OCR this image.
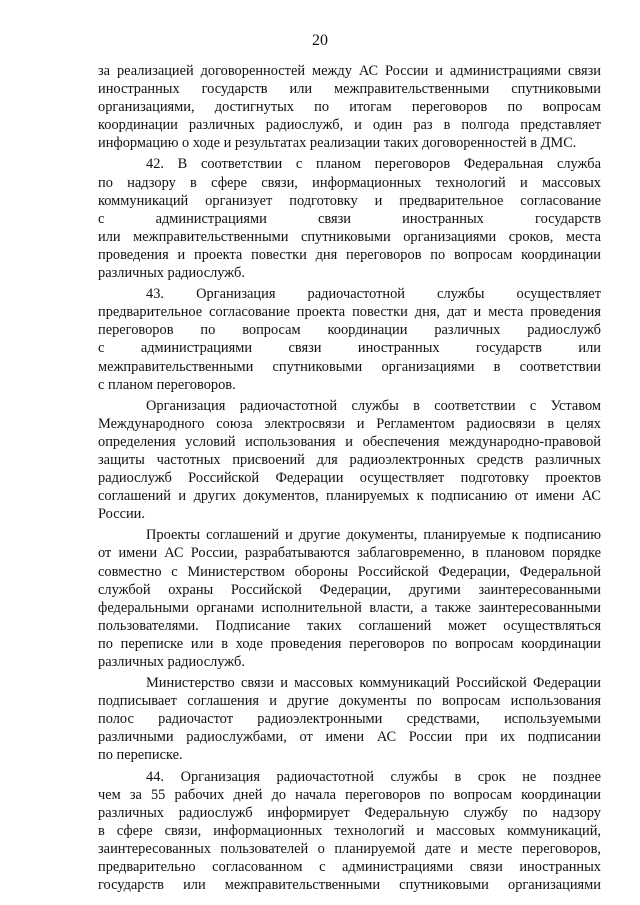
20
за реализацией договоренностей между АС России и администрациями связи
иностранных государств или межправительственными спутниковыми
организациями, достигнутых по итогам переговоров по вопросам
координации различных радиослужб, и один раз в полгода представляет
информацию о ходе и результатах реализации таких договоренностей в ДМС.
42. В соответствии с планом переговоров Федеральная служба
по надзору в сфере связи, информационных технологий и массовых
коммуникаций организует подготовку и предварительное согласование
с администрациями связи иностранных государств
или межправительственными спутниковыми организациями сроков, места
проведения и проекта повестки дня переговоров по вопросам координации
различных радиослужб.
43. Организация радиочастотной службы осуществляет
предварительное согласование проекта повестки дня, дат и места проведения
переговоров по вопросам координации различных радиослужб
с администрациями связи иностранных государств или
межправительственными спутниковыми организациями в соответствии
с планом переговоров.
Организация радиочастотной службы в соответствии с Уставом
Международного союза электросвязи и Регламентом радиосвязи в целях
определения условий использования и обеспечения международно-правовой
защиты частотных присвоений для радиоэлектронных средств различных
радиослужб Российской Федерации осуществляет подготовку проектов
соглашений и других документов, планируемых к подписанию от имени АС
России.
Проекты соглашений и другие документы, планируемые к подписанию
от имени АС России, разрабатываются заблаговременно, в плановом порядке
совместно с Министерством обороны Российской Федерации, Федеральной
службой охраны Российской Федерации, другими заинтересованными
федеральными органами исполнительной власти, а также заинтересованными
пользователями. Подписание таких соглашений может осуществляться
по переписке или в ходе проведения переговоров по вопросам координации
различных радиослужб.
Министерство связи и массовых коммуникаций Российской Федерации
подписывает соглашения и другие документы по вопросам использования
полос радиочастот радиоэлектронными средствами, используемыми
различными радиослужбами, от имени АС России при их подписании
по переписке.
44. Организация радиочастотной службы в срок не позднее
чем за 55 рабочих дней до начала переговоров по вопросам координации
различных радиослужб информирует Федеральную службу по надзору
в сфере связи, информационных технологий и массовых коммуникаций,
заинтересованных пользователей о планируемой дате и месте переговоров,
предварительно согласованном с администрациями связи иностранных
государств или межправительственными спутниковыми организациями
